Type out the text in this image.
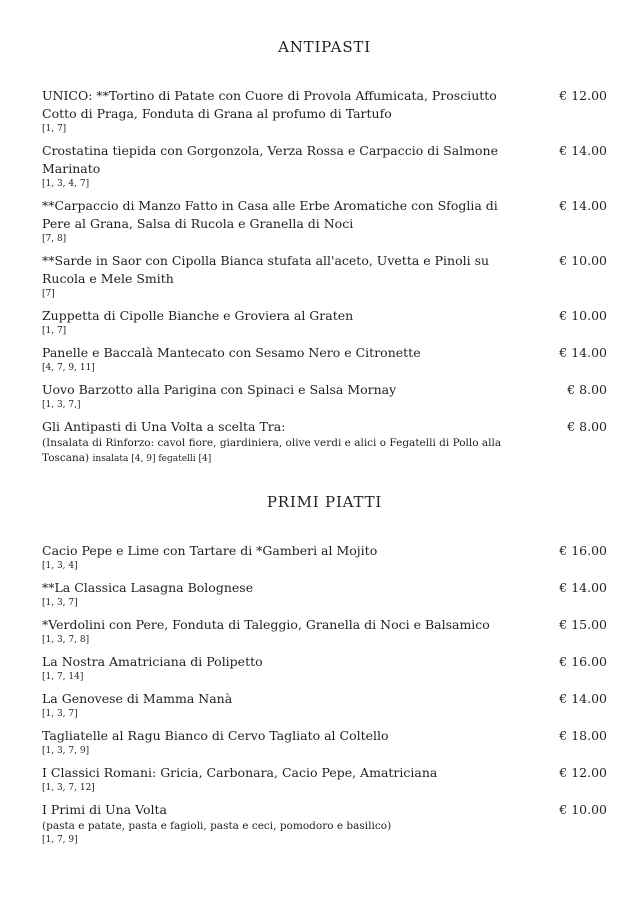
ANTIPASTI
UNICO: **Tortino di Patate con Cuore di Provola Affumicata, Prosciutto Cotto di Praga, Fonduta di Grana al profumo di Tartufo
[1, 7]
€ 12.00
Crostatina tiepida con Gorgonzola, Verza Rossa e Carpaccio di Salmone Marinato
[1, 3, 4, 7]
€ 14.00
**Carpaccio di Manzo Fatto in Casa alle Erbe Aromatiche con Sfoglia di Pere al Grana, Salsa di Rucola e Granella di Noci
[7, 8]
€ 14.00
**Sarde in Saor con Cipolla Bianca stufata all'aceto, Uvetta e Pinoli su Rucola e Mele Smith
[7]
€ 10.00
Zuppetta di Cipolle Bianche e Groviera al Graten
[1, 7]
€ 10.00
Panelle e Baccalà Mantecato con Sesamo Nero e Citronette
[4, 7, 9, 11]
€ 14.00
Uovo Barzotto alla Parigina con Spinaci e Salsa Mornay
[1, 3, 7,]
€ 8.00
Gli Antipasti di Una Volta a scelta Tra:
(Insalata di Rinforzo: cavol fiore, giardiniera, olive verdi e alici o Fegatelli di Pollo alla Toscana) insalata [4, 9] fegatelli [4]
€ 8.00
PRIMI PIATTI
Cacio Pepe e Lime con Tartare di *Gamberi al Mojito
[1, 3, 4]
€ 16.00
**La Classica Lasagna Bolognese
[1, 3, 7]
€ 14.00
*Verdolini con Pere, Fonduta di Taleggio, Granella di Noci e Balsamico
[1, 3, 7, 8]
€ 15.00
La Nostra Amatriciana di Polipetto
[1, 7, 14]
€ 16.00
La Genovese di Mamma Nanà
[1, 3, 7]
€ 14.00
Tagliatelle al Ragu Bianco di Cervo Tagliato al Coltello
[1, 3, 7, 9]
€ 18.00
I Classici Romani: Gricia, Carbonara, Cacio Pepe, Amatriciana
[1, 3, 7, 12]
€ 12.00
I Primi di Una Volta
(pasta e patate, pasta e fagioli, pasta e ceci, pomodoro e basilico)
[1, 7, 9]
€ 10.00
